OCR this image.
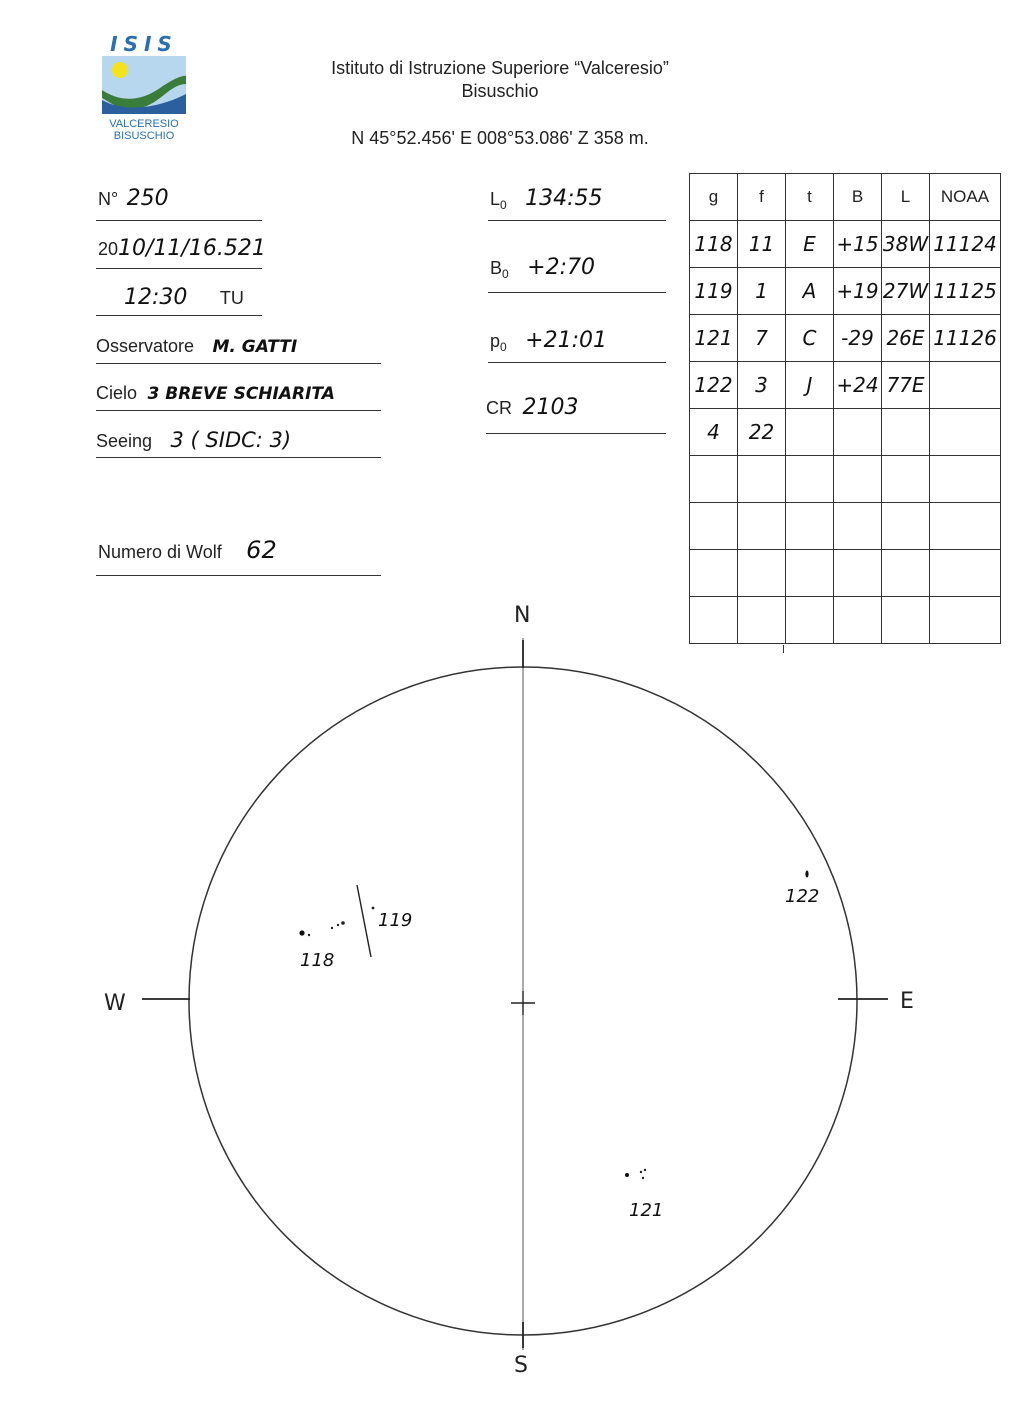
ISIS
VALCERESIO
BISUSCHIO
Istituto di Istruzione Superiore “Valceresio”
Bisuschio
N 45°52.456' E 008°53.086' Z 358 m.
N° 250
2010/11/16.521
12:30 TU
Osservatore M. GATTI
Cielo 3 BREVE SCHIARITA
Seeing 3 ( SIDC: 3)
Numero di Wolf 62
$L_0$ 134:55
$B_0$ +2:70
$p_0$ +21:01
CR 2103
g	f	t	B	L	NOAA
118	11	E	+15	38W	11124
119	1	A	+19	27W	11125
121	7	C	-29	26E	11126
122	3	J	+24	77E	
4	22				

N
S
W	E
118
119
122
121
